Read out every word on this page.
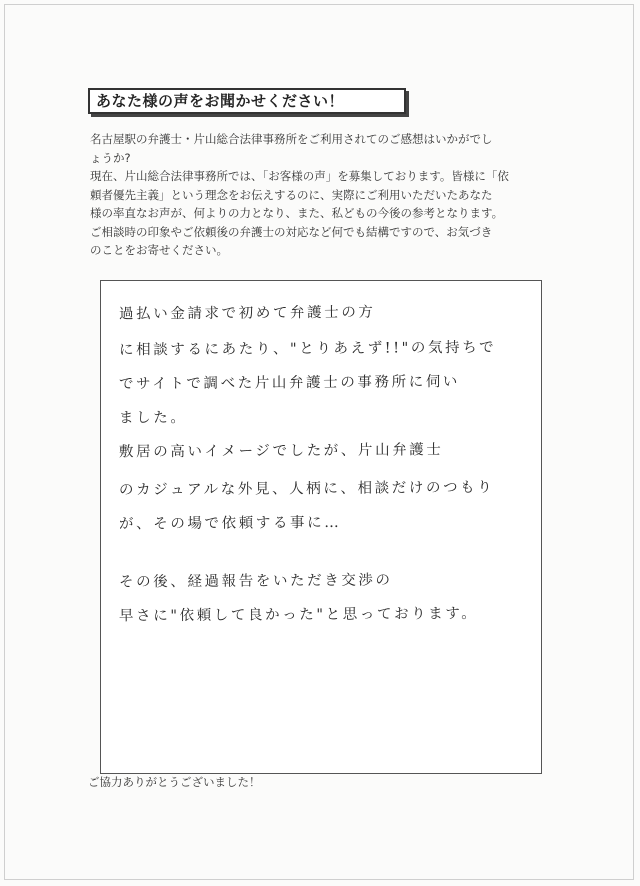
あなた様の声をお聞かせください！

名古屋駅の弁護士・片山総合法律事務所をご利用されてのご感想はいかがでし

ょうか?

現在、片山総合法律事務所では、「お客様の声」を募集しております。皆様に「依

頼者優先主義」という理念をお伝えするのに、実際にご利用いただいたあなた

様の率直なお声が、何よりの力となり、また、私どもの今後の参考となります。

ご相談時の印象やご依頼後の弁護士の対応など何でも結構ですので、お気づき

のことをお寄せください。

過払い金請求で初めて弁護士の方
に相談するにあたり、"とりあえず!!"の気持ちで
でサイトで調べた片山弁護士の事務所に伺い
ました。
敷居の高いイメージでしたが、片山弁護士
のカジュアルな外見、人柄に、相談だけのつもり
が、その場で依頼する事に…
その後、経過報告をいただき交渉の
早さに"依頼して良かった"と思っております。
ご協力ありがとうございました！
